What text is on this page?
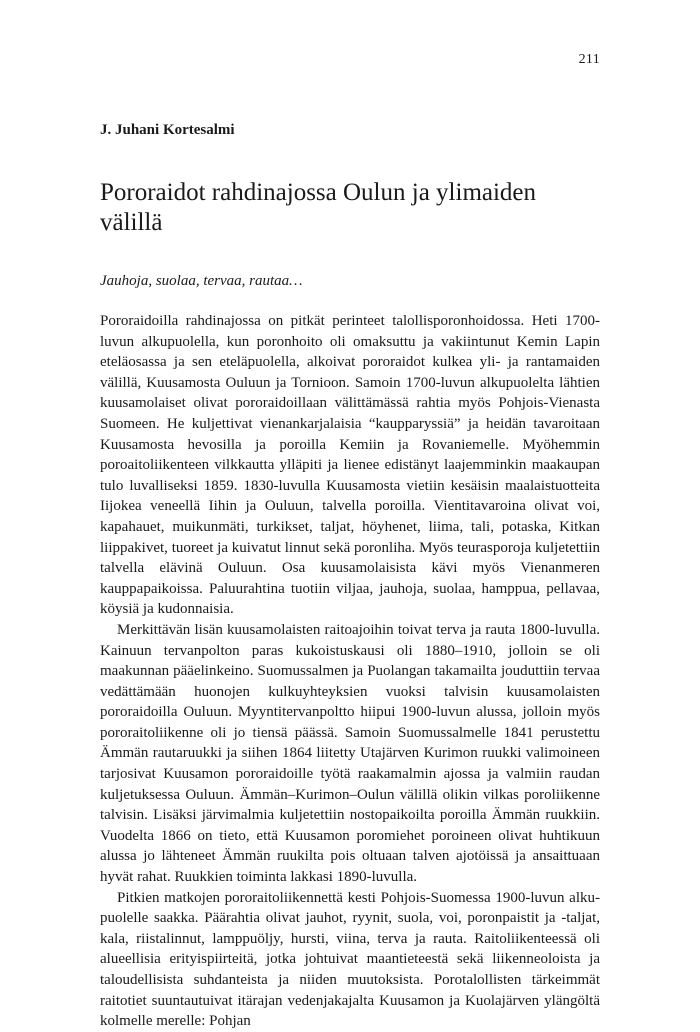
211
J. Juhani Kortesalmi
Pororaidot rahdinajossa Oulun ja ylimaiden välillä
Jauhoja, suolaa, tervaa, rautaa…

Pororaidoilla rahdinajossa on pitkät perinteet talollisporonhoidossa. Heti 1700-luvun alkupuolella, kun poronhoito oli omaksuttu ja vakiintunut Kemin Lapin eteläosassa ja sen eteläpuolella, alkoivat pororaidot kulkea yli- ja rantamaiden välillä, Kuusamosta Ouluun ja Tornioon. Samoin 1700-luvun alkupuolelta lähtien kuusamolaiset olivat pororaidoillaan välittämässä rahtia myös Pohjois-Vienasta Suomeen. He kuljettivat vienankarjalaisia “kaupparyssiä” ja heidän tavaroitaan Kuusamosta hevosilla ja poroilla Kemiin ja Rovaniemelle. Myöhemmin poroaitoliikenteen vilkkautta ylläpiti ja lienee edistänyt laajemminkin maakaupan tulo luvalliseksi 1859. 1830-luvulla Kuusamosta vietiin kesäisin maalaistuotteita Iijokea veneellä Iihin ja Ouluun, talvella poroilla. Vientitavaroina olivat voi, kapahauet, muikunmäti, turkikset, taljat, höyhenet, liima, tali, potaska, Kitkan liippakivet, tuoreet ja kuivatut linnut sekä poronliha. Myös teurasporoja kuljetettiin talvella elävinä Ouluun. Osa kuusamolaisista kävi myös Vienanmeren kauppapaikoissa. Paluurahtina tuotiin viljaa, jauhoja, suolaa, hamppua, pellavaa, köysiä ja kudonnaisia.

Merkittävän lisän kuusamolaisten raitoajoihin toivat terva ja rauta 1800-luvulla. Kainuun tervanpolton paras kukoistuskausi oli 1880–1910, jolloin se oli maakunnan pääelinkeino. Suomussalmen ja Puolangan takamailta jouduttiin tervaa vedättämään huonojen kulkuyhteyksien vuoksi talvisin kuusamolaisten pororaidoilla Ouluun. Myyntitervanpoltto hiipui 1900-luvun alussa, jolloin myös pororaitoliikenne oli jo tiensä päässä. Samoin Suomussalmelle 1841 perustettu Ämmän rautaruukki ja siihen 1864 liitetty Utajärven Kurimon ruukki valimoineen tarjosivat Kuusamon pororaidoille työtä raakamalmin ajossa ja valmiin raudan kuljetuksessa Ouluun. Ämmän–Kurimon–Oulun välillä olikin vilkas poroliikenne talvisin. Lisäksi järvimalmia kuljetettiin nostopaikoilta poroilla Ämmän ruukkiin. Vuodelta 1866 on tieto, että Kuusamon poromiehet poroineen olivat huhtikuun alussa jo lähteneet Ämmän ruukilta pois oltuaan talven ajotöissä ja ansaittuaan hyvät rahat. Ruukkien toiminta lakkasi 1890-luvulla.

Pitkien matkojen pororaitoliikennettä kesti Pohjois-Suomessa 1900-luvun alkupuolelle saakka. Päärahtia olivat jauhot, ryynit, suola, voi, poronpaistit ja -taljat, kala, riistalinnut, lamppuöljy, hursti, viina, terva ja rauta. Raitoliikenteessä oli alueellisia erityispiirteitä, jotka johtuivat maantieteestä sekä liikenneoloista ja taloudellisista suhdanteista ja niiden muutoksista. Porotalollisten tärkeimmät raitotiet suuntautuivat itärajan vedenjakajalta Kuusamon ja Kuolajärven ylängöltä kolmelle merelle: Pohjan
